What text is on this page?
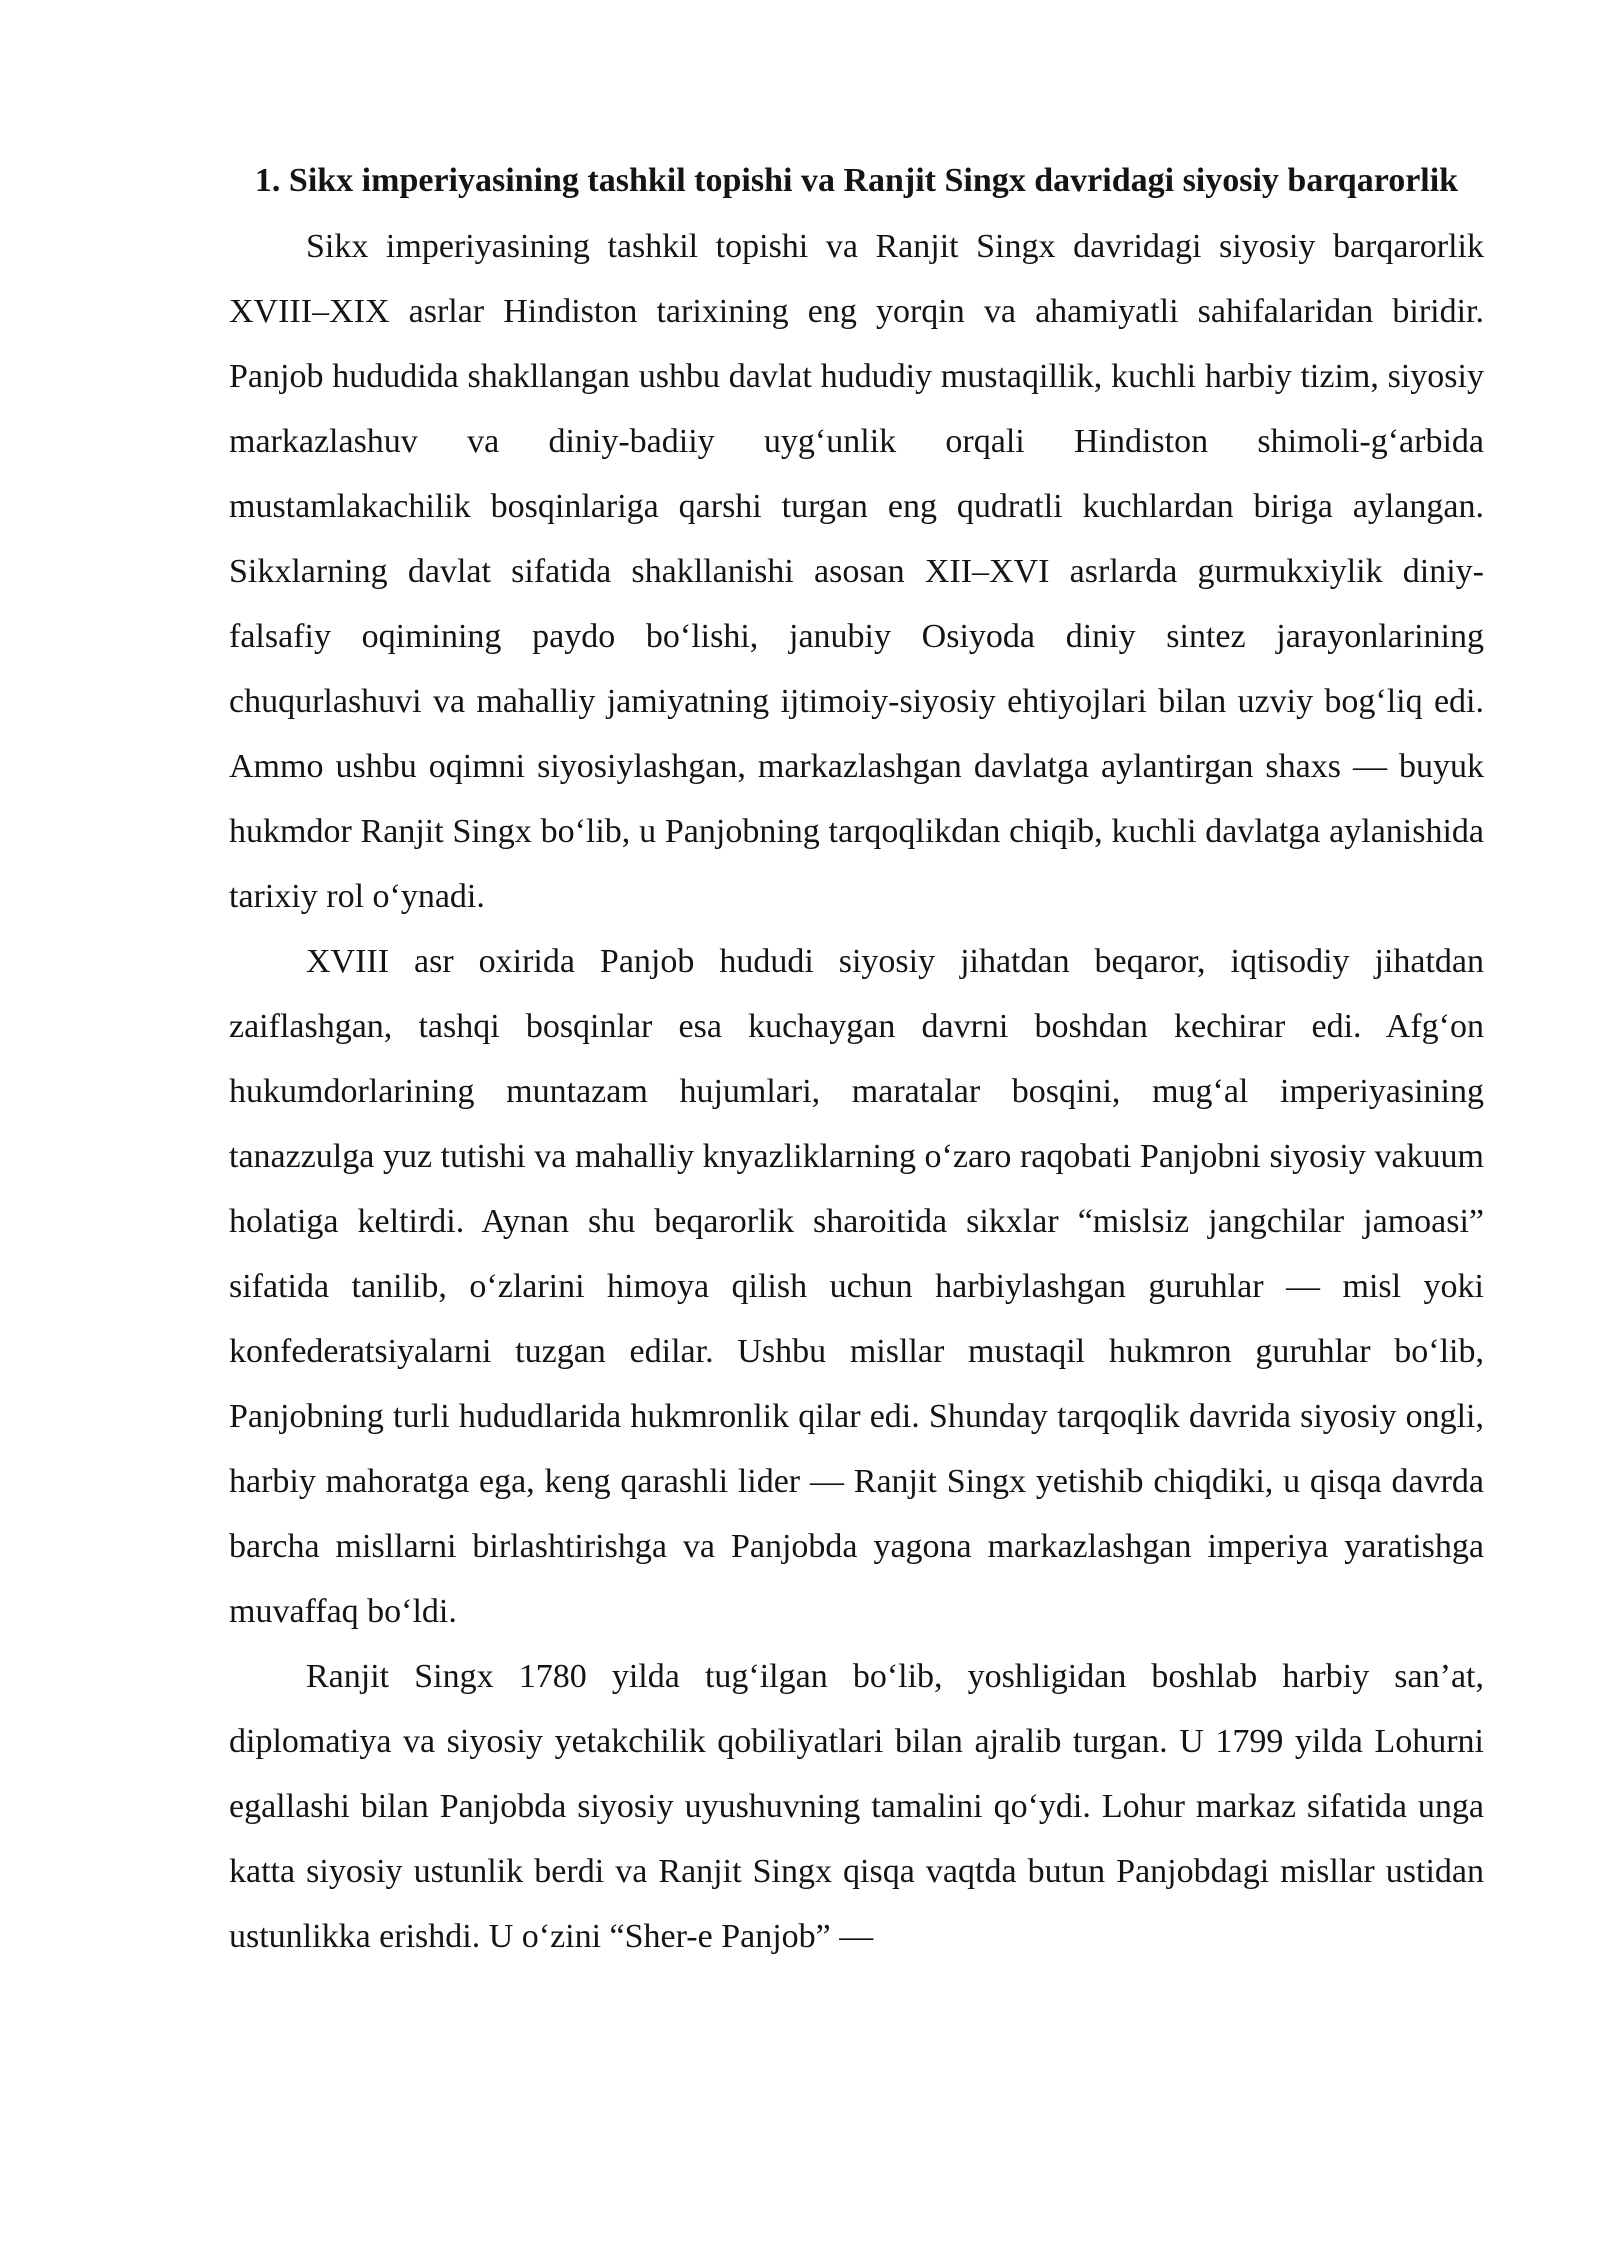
1. Sikx imperiyasining tashkil topishi va Ranjit Singx davridagi siyosiy barqarorlik

Sikx imperiyasining tashkil topishi va Ranjit Singx davridagi siyosiy barqarorlik XVIII–XIX asrlar Hindiston tarixining eng yorqin va ahamiyatli sahifalaridan biridir. Panjob hududida shakllangan ushbu davlat hududiy mustaqillik, kuchli harbiy tizim, siyosiy markazlashuv va diniy-badiiy uyg‘unlik orqali Hindiston shimoli-g‘arbida mustamlakachilik bosqinlariga qarshi turgan eng qudratli kuchlardan biriga aylangan. Sikxlarning davlat sifatida shakllanishi asosan XII–XVI asrlarda gurmukxiylik diniy-falsafiy oqimining paydo bo‘lishi, janubiy Osiyoda diniy sintez jarayonlarining chuqurlashuvi va mahalliy jamiyatning ijtimoiy-siyosiy ehtiyojlari bilan uzviy bog‘liq edi. Ammo ushbu oqimni siyosiylashgan, markazlashgan davlatga aylantirgan shaxs — buyuk hukmdor Ranjit Singx bo‘lib, u Panjobning tarqoqlikdan chiqib, kuchli davlatga aylanishida tarixiy rol o‘ynadi.

XVIII asr oxirida Panjob hududi siyosiy jihatdan beqaror, iqtisodiy jihatdan zaiflashgan, tashqi bosqinlar esa kuchaygan davrni boshdan kechirar edi. Afg‘on hukumdorlarining muntazam hujumlari, maratalar bosqini, mug‘al imperiyasining tanazzulga yuz tutishi va mahalliy knyazliklarning o‘zaro raqobati Panjobni siyosiy vakuum holatiga keltirdi. Aynan shu beqarorlik sharoitida sikxlar “mislsiz jangchilar jamoasi” sifatida tanilib, o‘zlarini himoya qilish uchun harbiylashgan guruhlar — misl yoki konfederatsiyalarni tuzgan edilar. Ushbu misllar mustaqil hukmron guruhlar bo‘lib, Panjobning turli hududlarida hukmronlik qilar edi. Shunday tarqoqlik davrida siyosiy ongli, harbiy mahoratga ega, keng qarashli lider — Ranjit Singx yetishib chiqdiki, u qisqa davrda barcha misllarni birlashtirishga va Panjobda yagona markazlashgan imperiya yaratishga muvaffaq bo‘ldi.

Ranjit Singx 1780 yilda tug‘ilgan bo‘lib, yoshligidan boshlab harbiy san’at, diplomatiya va siyosiy yetakchilik qobiliyatlari bilan ajralib turgan. U 1799 yilda Lohurni egallashi bilan Panjobda siyosiy uyushuvning tamalini qo‘ydi. Lohur markaz sifatida unga katta siyosiy ustunlik berdi va Ranjit Singx qisqa vaqtda butun Panjobdagi misllar ustidan ustunlikka erishdi. U o‘zini “Sher-e Panjob” —
